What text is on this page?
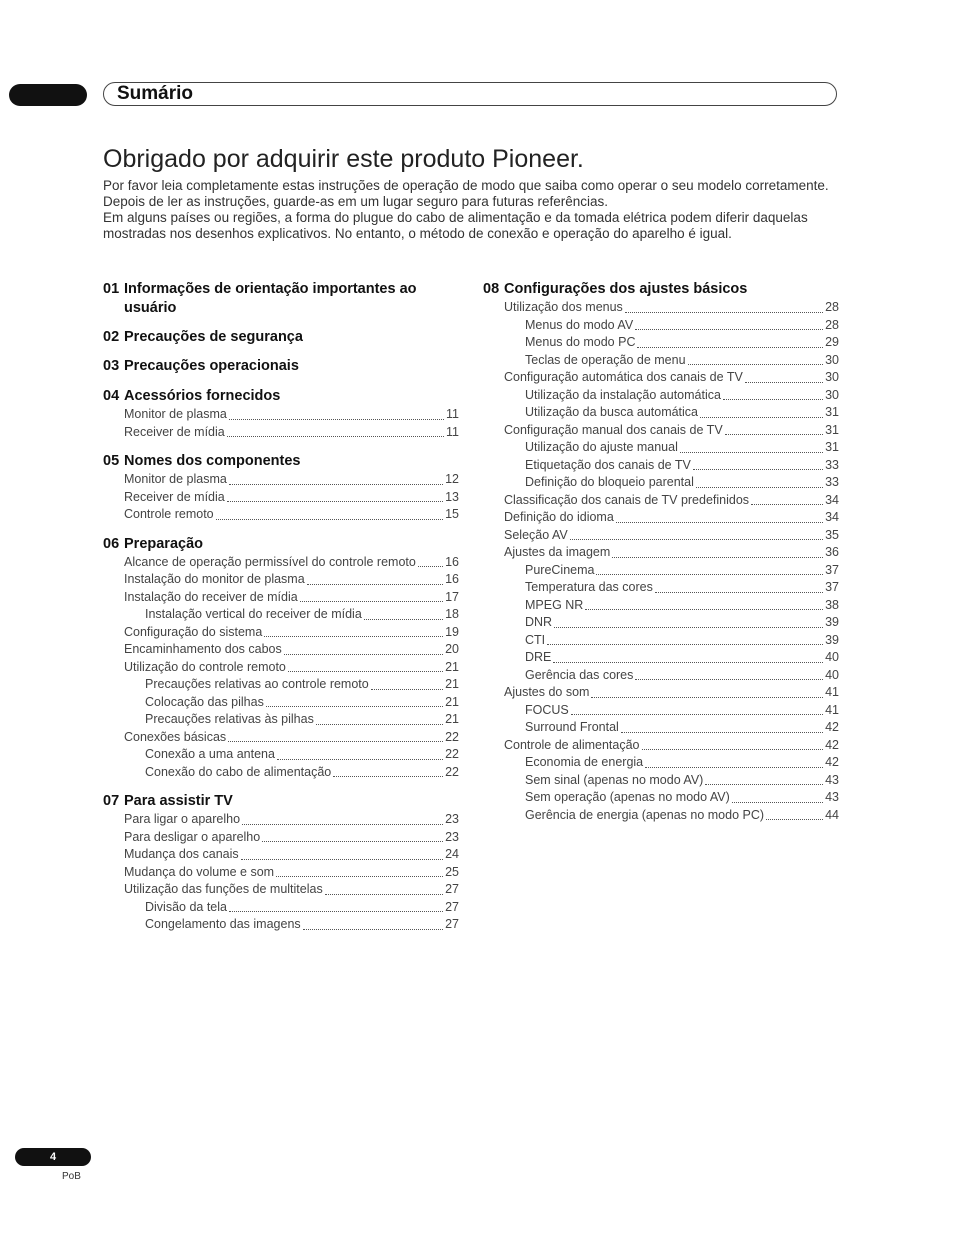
Sumário
Obrigado por adquirir este produto Pioneer.

Por favor leia completamente estas instruções de operação de modo que saiba como operar o seu modelo corretamente. Depois de ler as instruções, guarde-as em um lugar seguro para futuras referências.

Em alguns países ou regiões, a forma do plugue do cabo de alimentação e da tomada elétrica podem diferir daquelas mostradas nos desenhos explicativos. No entanto, o método de conexão e operação do aparelho é igual.

01 Informações de orientação importantes ao usuário
02 Precauções de segurança
03 Precauções operacionais
04 Acessórios fornecidos
Monitor de plasma	11
Receiver de mídia	11
05 Nomes dos componentes
Monitor de plasma	12
Receiver de mídia	13
Controle remoto	15
06 Preparação
Alcance de operação permissível do controle remoto 16
Instalação do monitor de plasma	16
Instalação do receiver de mídia	17
Instalação vertical do receiver de mídia	18
Configuração do sistema	19
Encaminhamento dos cabos	20
Utilização do controle remoto	21
Precauções relativas ao controle remoto	21
Colocação das pilhas	21
Precauções relativas às pilhas	21
Conexões básicas	22
Conexão a uma antena	22
Conexão do cabo de alimentação	22
07 Para assistir TV
Para ligar o aparelho	23
Para desligar o aparelho	23
Mudança dos canais	24
Mudança do volume e som	25
Utilização das funções de multitelas	27
Divisão da tela	27
Congelamento das imagens	27
08 Configurações dos ajustes básicos
Utilização dos menus	28
Menus do modo AV	28
Menus do modo PC	29
Teclas de operação de menu	30
Configuração automática dos canais de TV	30
Utilização da instalação automática	30
Utilização da busca automática	31
Configuração manual dos canais de TV	31
Utilização do ajuste manual	31
Etiquetação dos canais de TV	33
Definição do bloqueio parental	33
Classificação dos canais de TV predefinidos	34
Definição do idioma	34
Seleção AV	35
Ajustes da imagem	36
PureCinema	37
Temperatura das cores	37
MPEG NR	38
DNR	39
CTI	39
DRE	40
Gerência das cores	40
Ajustes do som	41
FOCUS	41
Surround Frontal	42
Controle de alimentação	42
Economia de energia	42
Sem sinal (apenas no modo AV)	43
Sem operação (apenas no modo AV)	43
Gerência de energia (apenas no modo PC)	44
4
PoB
